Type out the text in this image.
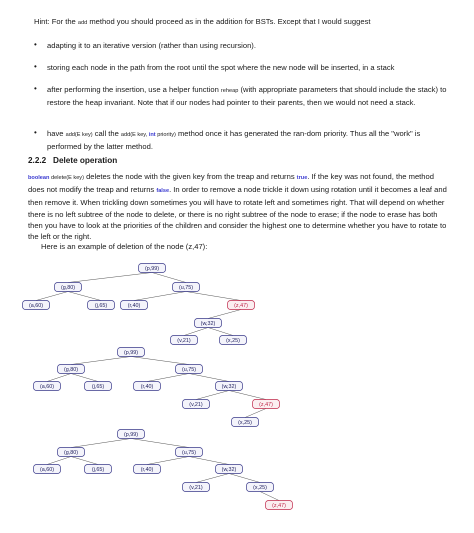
Hint: For the add method you should proceed as in the addition for BSTs. Except that I would suggest
• adapting it to an iterative version (rather than using recursion).
• storing each node in the path from the root until the spot where the new node will be inserted, in a stack
• after performing the insertion, use a helper function reheap (with appropriate parameters that should include the stack) to restore the heap invariant. Note that if our nodes had pointer to their parents, then we would not need a stack.
• have add(E key) call the add(E key, int priority) method once it has generated the ran-dom priority. Thus all the "work" is performed by the latter method.
2.2.2 Delete operation
boolean delete(E key) deletes the node with the given key from the treap and returns true. If the key was not found, the method does not modify the treap and returns false. In order to remove a node trickle it down using rotation until it becomes a leaf and then remove it. When trickling down sometimes you will have to rotate left and sometimes right. That will depend on whether there is no left subtree of the node to delete, or there is no right subtree of the node to erase; if the node to erase has both then you have to look at the priorities of the children and consider the highest one to determine whether you have to rotate to the left or the right.
Here is an example of deletion of the node (z,47):
(p,99)
(g,80)	(u,75)
(a,60)	(j,65)	(r,40)	(z,47)
(w,32)
(v,21)	(x,25)
(p,99)
(g,80)	(u,75)
(a,60)	(j,65)	(r,40)	(w,32)
(v,21)	(z,47)
(x,25)
(p,99)
(g,80)	(u,75)
(a,60)	(j,65)	(r,40)	(w,32)
(v,21)	(x,25)
(z,47)
